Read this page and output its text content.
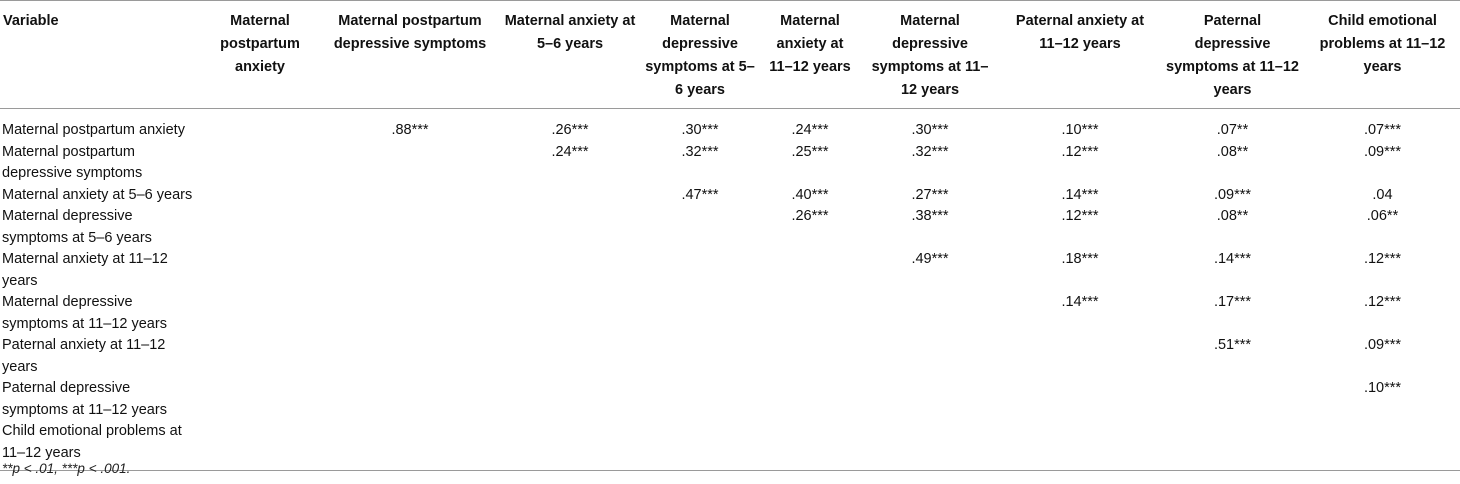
Variable	Maternal postpartum anxiety	Maternal postpartum depressive symptoms	Maternal anxiety at 5–6 years	Maternal depressive symptoms at 5–6 years	Maternal anxiety at 11–12 years	Maternal depressive symptoms at 11–12 years	Paternal anxiety at 11–12 years	Paternal depressive symptoms at 11–12 years	Child emotional problems at 11–12 years
Maternal postpartum anxiety		.88***	.26***	.30***	.24***	.30***	.10***	.07**	.07***
Maternal postpartum depressive symptoms			.24***	.32***	.25***	.32***	.12***	.08**	.09***
Maternal anxiety at 5–6 years				.47***	.40***	.27***	.14***	.09***	.04
Maternal depressive symptoms at 5–6 years					.26***	.38***	.12***	.08**	.06**
Maternal anxiety at 11–12 years						.49***	.18***	.14***	.12***
Maternal depressive symptoms at 11–12 years							.14***	.17***	.12***
Paternal anxiety at 11–12 years								.51***	.09***
Paternal depressive symptoms at 11–12 years									.10***
Child emotional problems at 11–12 years									
**p < .01, ***p < .001.
